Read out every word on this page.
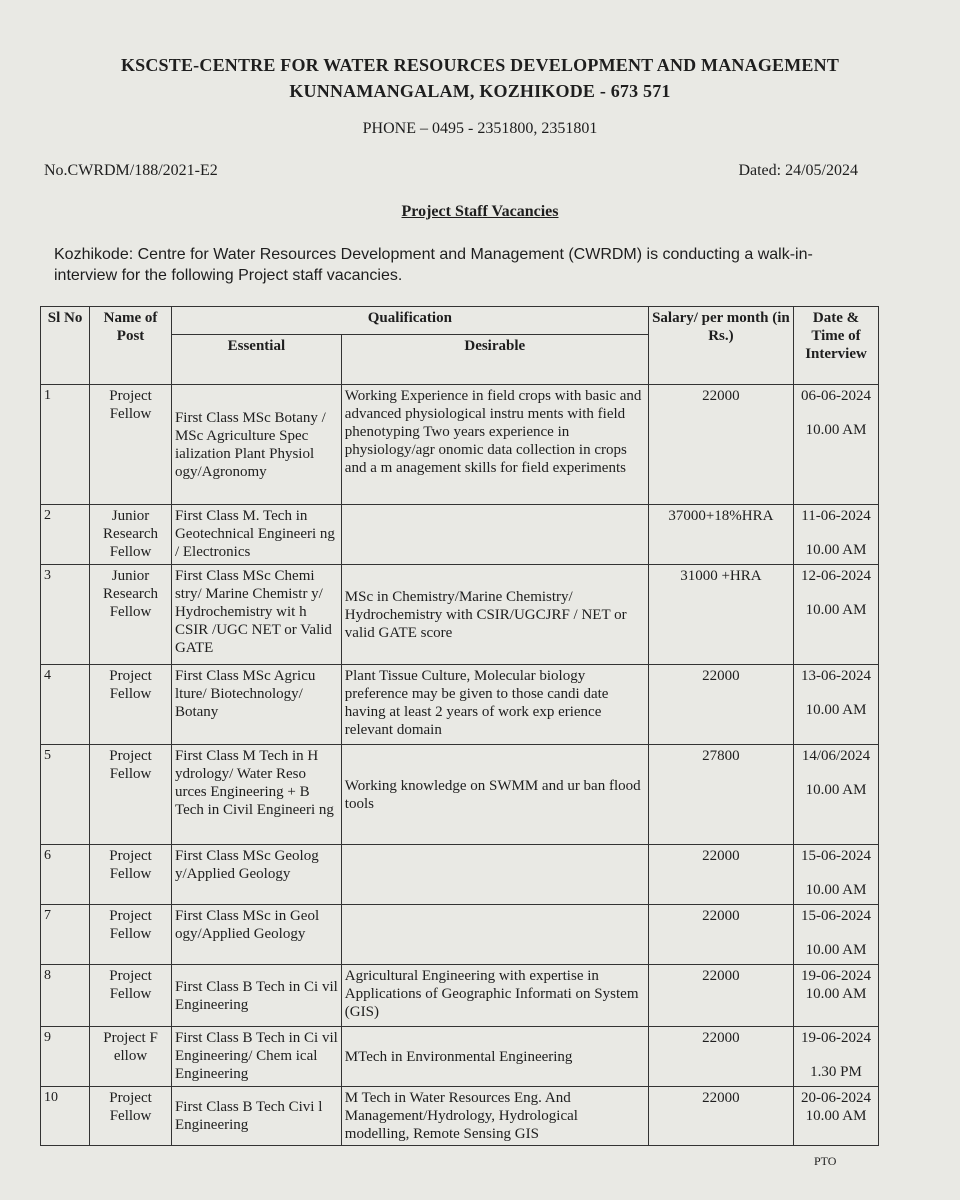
KSCSTE-CENTRE FOR WATER RESOURCES DEVELOPMENT AND MANAGEMENT
KUNNAMANGALAM, KOZHIKODE - 673 571
PHONE – 0495 - 2351800, 2351801
No.CWRDM/188/2021-E2	Dated: 24/05/2024
Project Staff Vacancies
Kozhikode: Centre for Water Resources Development and Management (CWRDM) is conducting a walk-in- interview for the following Project staff vacancies.
Sl No	Name of Post	Qualification		Salary/ per month (in Rs.)	Date & Time of Interview
		Essential	Desirable		
1	Project Fellow	First Class MSc Botany / MSc Agriculture Spec ialization Plant Physiol ogy/Agronomy	Working Experience in field crops with basic and advanced physiological instru ments with field phenotyping Two years experience in physiology/agr onomic data collection in crops and a m anagement skills for field experiments	22000	06-06-2024
10.00 AM

2	Junior Research Fellow	First Class M. Tech in Geotechnical Engineeri ng / Electronics		37000+18%HRA	11-06-2024
10.00 AM

3	Junior Research Fellow	First Class MSc Chemi stry/ Marine Chemistr y/ Hydrochemistry wit h CSIR /UGC NET or Valid GATE	MSc in Chemistry/Marine Chemistry/ Hydrochemistry with CSIR/UGCJRF / NET or valid GATE score	31000 +HRA	12-06-2024
10.00 AM

4	Project Fellow	First Class MSc Agricu lture/ Biotechnology/ Botany	Plant Tissue Culture, Molecular biology preference may be given to those candi date having at least 2 years of work exp erience relevant domain	22000	13-06-2024
10.00 AM

5	Project Fellow	First Class M Tech in H ydrology/ Water Reso urces Engineering + B Tech in Civil Engineeri ng	Working knowledge on SWMM and ur ban flood tools	27800	14/06/2024
10.00 AM

6	Project Fellow	First Class MSc Geolog y/Applied Geology		22000	15-06-2024
10.00 AM

7	Project Fellow	First Class MSc in Geol ogy/Applied Geology		22000	15-06-2024
10.00 AM

8	Project Fellow	First Class B Tech in Ci vil Engineering	Agricultural Engineering with expertise in Applications of Geographic Informati on System (GIS)	22000	19-06-2024
10.00 AM

9	Project F ellow	First Class B Tech in Ci vil Engineering/ Chem ical Engineering	MTech in Environmental Engineering	22000	19-06-2024
1.30 PM

10	Project Fellow	First Class B Tech Civi l Engineering	M Tech in Water Resources Eng. And Management/Hydrology, Hydrological modelling, Remote Sensing GIS	22000	20-06-2024
10.00 AM
PTO
